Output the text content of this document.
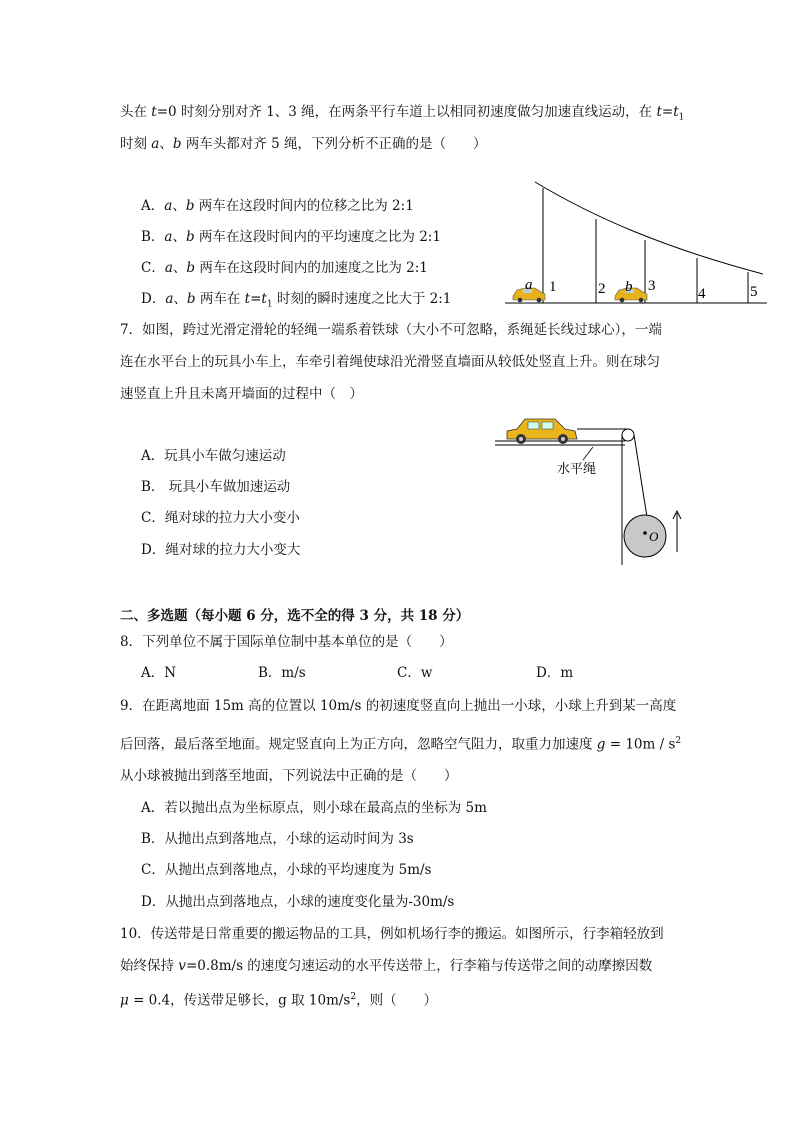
头在 t=0 时刻分别对齐 1、3 绳，在两条平行车道上以相同初速度做匀加速直线运动，在 $t=t_1$
时刻 a、b 两车头都对齐 5 绳，下列分析不正确的是（　　）
A．a、b 两车在这段时间内的位移之比为 2:1
B．a、b 两车在这段时间内的平均速度之比为 2:1
C．a、b 两车在这段时间内的加速度之比为 2:1
D．a、b 两车在 $t=t_1$ 时刻的瞬时速度之比大于 2:1
a 1	2 b 3	4	5
7．如图，跨过光滑定滑轮的轻绳一端系着铁球（大小不可忽略，系绳延长线过球心），一端
连在水平台上的玩具小车上，车牵引着绳使球沿光滑竖直墙面从较低处竖直上升。则在球匀
速竖直上升且未离开墙面的过程中（　）
A．玩具小车做匀速运动
B． 玩具小车做加速运动
C．绳对球的拉力大小变小
D．绳对球的拉力大小变大
水平绳
O
二、多选题（每小题 6 分，选不全的得 3 分，共 18 分）
8．下列单位不属于国际单位制中基本单位的是（　　）
A．N	B．m/s	C．w	D．m
9．在距离地面 15m 高的位置以 10m/s 的初速度竖直向上抛出一小球，小球上升到某一高度
后回落，最后落至地面。规定竖直向上为正方向，忽略空气阻力，取重力加速度 $g = 10m / s^2$
从小球被抛出到落至地面，下列说法中正确的是（　　）
A．若以抛出点为坐标原点，则小球在最高点的坐标为 5m
B．从抛出点到落地点，小球的运动时间为 3s
C．从抛出点到落地点，小球的平均速度为 5m/s
D．从抛出点到落地点，小球的速度变化量为-30m/s
10．传送带是日常重要的搬运物品的工具，例如机场行李的搬运。如图所示，行李箱轻放到
始终保持 v=0.8m/s 的速度匀速运动的水平传送带上，行李箱与传送带之间的动摩擦因数
μ = 0.4，传送带足够长，g 取 $10m/s^2$，则（　　）
